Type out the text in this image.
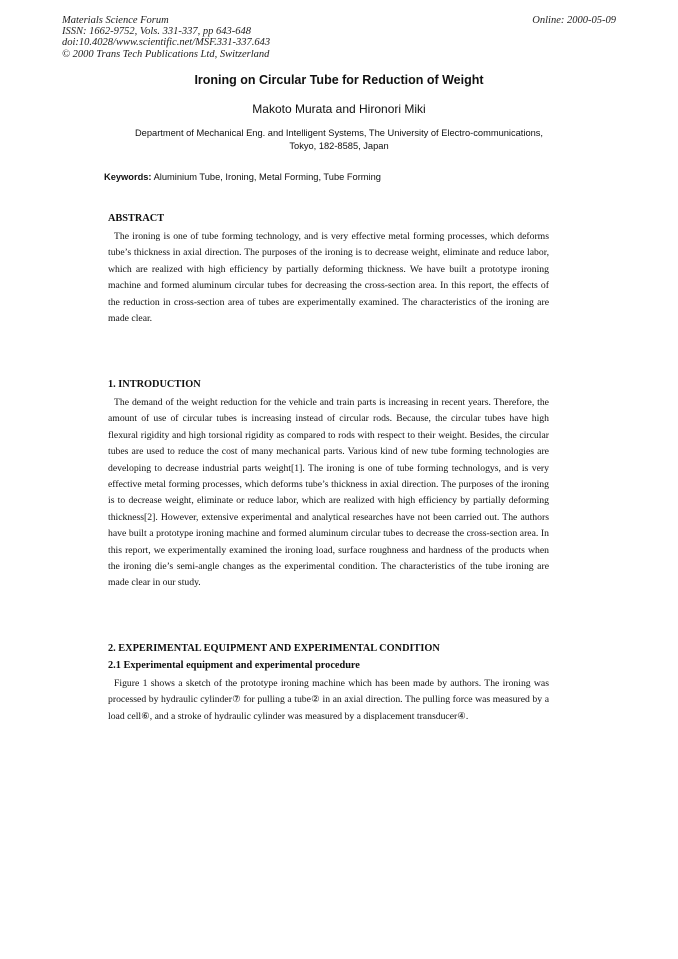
Materials Science Forum
ISSN: 1662-9752, Vols. 331-337, pp 643-648
doi:10.4028/www.scientific.net/MSF.331-337.643
© 2000 Trans Tech Publications Ltd, Switzerland
Online: 2000-05-09
Ironing on Circular Tube for Reduction of Weight
Makoto Murata and Hironori Miki
Department of Mechanical Eng. and Intelligent Systems, The University of Electro-communications, Tokyo, 182-8585, Japan
Keywords: Aluminium Tube, Ironing, Metal Forming, Tube Forming
ABSTRACT
The ironing is one of tube forming technology, and is very effective metal forming processes, which deforms tube’s thickness in axial direction. The purposes of the ironing is to decrease weight, eliminate and reduce labor, which are realized with high efficiency by partially deforming thickness. We have built a prototype ironing machine and formed aluminum circular tubes for decreasing the cross-section area. In this report, the effects of the reduction in cross-section area of tubes are experimentally examined. The characteristics of the ironing are made clear.
1. INTRODUCTION
The demand of the weight reduction for the vehicle and train parts is increasing in recent years. Therefore, the amount of use of circular tubes is increasing instead of circular rods. Because, the circular tubes have high flexural rigidity and high torsional rigidity as compared to rods with respect to their weight. Besides, the circular tubes are used to reduce the cost of many mechanical parts. Various kind of new tube forming technologies are developing to decrease industrial parts weight[1]. The ironing is one of tube forming technologys, and is very effective metal forming processes, which deforms tube’s thickness in axial direction. The purposes of the ironing is to decrease weight, eliminate or reduce labor, which are realized with high efficiency by partially deforming thickness[2]. However, extensive experimental and analytical researches have not been carried out. The authors have built a prototype ironing machine and formed aluminum circular tubes to decrease the cross-section area. In this report, we experimentally examined the ironing load, surface roughness and hardness of the products when the ironing die’s semi-angle changes as the experimental condition. The characteristics of the tube ironing are made clear in our study.
2. EXPERIMENTAL EQUIPMENT AND EXPERIMENTAL CONDITION
2.1 Experimental equipment and experimental procedure
Figure 1 shows a sketch of the prototype ironing machine which has been made by authors. The ironing was processed by hydraulic cylinder⑦ for pulling a tube② in an axial direction. The pulling force was measured by a load cell⑥, and a stroke of hydraulic cylinder was measured by a displacement transducer④.
